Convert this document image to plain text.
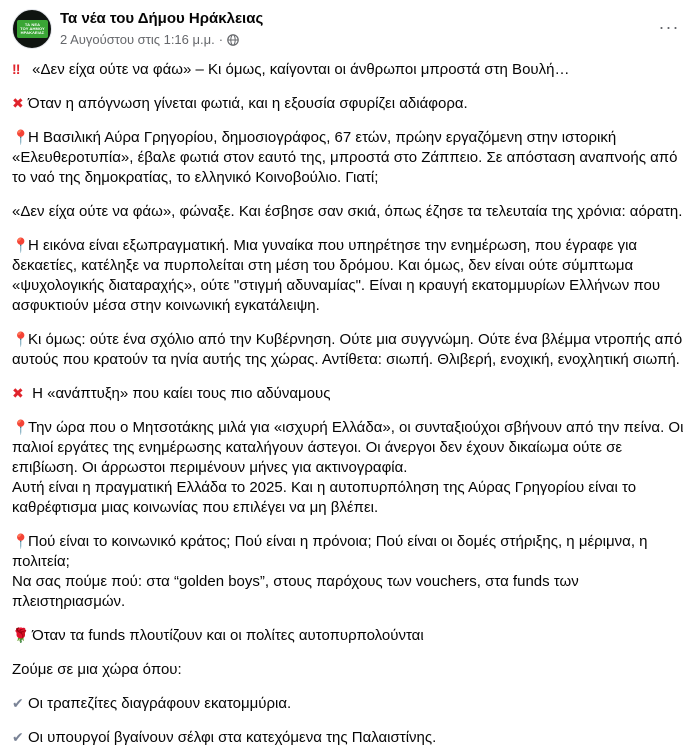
ΤΑ ΝΕΑ
ΤΟΥ ΔΗΜΟΥ
ΗΡΑΚΛΕΙΑΣ
Τα νέα του Δήμου Ηράκλειας
2 Αυγούστου στις 1:16 μ.μ. ·
···
‼ «Δεν είχα ούτε να φάω» – Κι όμως, καίγονται οι άνθρωποι μπροστά στη Βουλή…
✖ Όταν η απόγνωση γίνεται φωτιά, και η εξουσία σφυρίζει αδιάφορα.
📍Η Βασιλική Αύρα Γρηγορίου, δημοσιογράφος, 67 ετών, πρώην εργαζόμενη στην ιστορική «Ελευθεροτυπία», έβαλε φωτιά στον εαυτό της, μπροστά στο Ζάππειο. Σε απόσταση αναπνοής από το ναό της δημοκρατίας, το ελληνικό Κοινοβούλιο. Γιατί;
«Δεν είχα ούτε να φάω», φώναξε. Και έσβησε σαν σκιά, όπως έζησε τα τελευταία της χρόνια: αόρατη.
📍Η εικόνα είναι εξωπραγματική. Μια γυναίκα που υπηρέτησε την ενημέρωση, που έγραφε για δεκαετίες, κατέληξε να πυρπολείται στη μέση του δρόμου. Και όμως, δεν είναι ούτε σύμπτωμα «ψυχολογικής διαταραχής», ούτε "στιγμή αδυναμίας". Είναι η κραυγή εκατομμυρίων Ελλήνων που ασφυκτιούν μέσα στην κοινωνική εγκατάλειψη.
📍Κι όμως: ούτε ένα σχόλιο από την Κυβέρνηση. Ούτε μια συγγνώμη. Ούτε ένα βλέμμα ντροπής από αυτούς που κρατούν τα ηνία αυτής της χώρας. Αντίθετα: σιωπή. Θλιβερή, ενοχική, ενοχλητική σιωπή.
✖ Η «ανάπτυξη» που καίει τους πιο αδύναμους
📍Την ώρα που ο Μητσοτάκης μιλά για «ισχυρή Ελλάδα», οι συνταξιούχοι σβήνουν από την πείνα. Οι παλιοί εργάτες της ενημέρωσης καταλήγουν άστεγοι. Οι άνεργοι δεν έχουν δικαίωμα ούτε σε επιβίωση. Οι άρρωστοι περιμένουν μήνες για ακτινογραφία.
Αυτή είναι η πραγματική Ελλάδα το 2025. Και η αυτοπυρπόληση της Αύρας Γρηγορίου είναι το καθρέφτισμα μιας κοινωνίας που επιλέγει να μη βλέπει.
📍Πού είναι το κοινωνικό κράτος; Πού είναι η πρόνοια; Πού είναι οι δομές στήριξης, η μέριμνα, η πολιτεία;
Να σας πούμε πού: στα “golden boys”, στους παρόχους των vouchers, στα funds των πλειστηριασμών.
🌹 Όταν τα funds πλουτίζουν και οι πολίτες αυτοπυρπολούνται
Ζούμε σε μια χώρα όπου:
✔ Οι τραπεζίτες διαγράφουν εκατομμύρια.
✔ Οι υπουργοί βγαίνουν σέλφι στα κατεχόμενα της Παλαιστίνης.
